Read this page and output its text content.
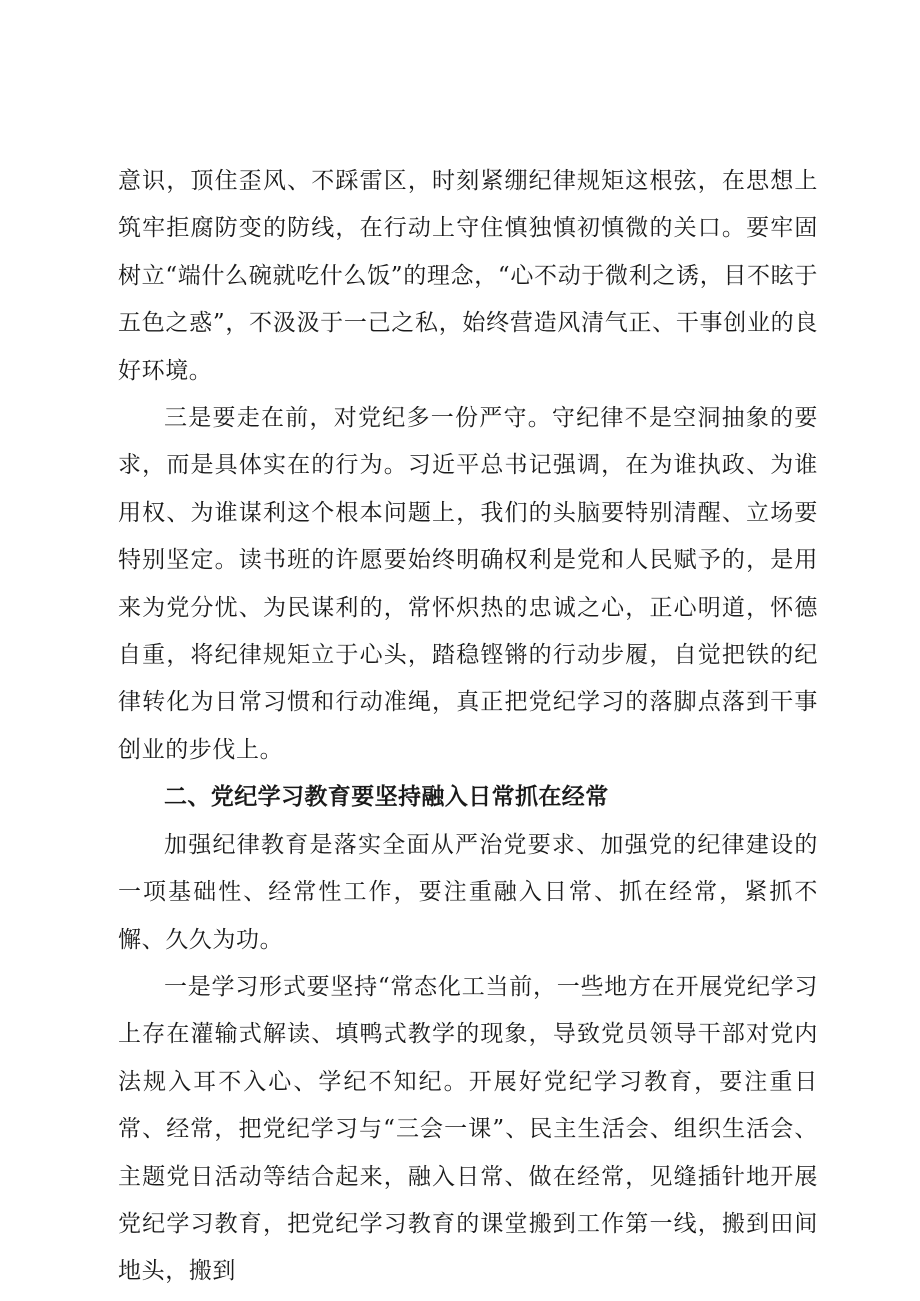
意识，顶住歪风、不踩雷区，时刻紧绷纪律规矩这根弦，在思想上筑牢拒腐防变的防线，在行动上守住慎独慎初慎微的关口。要牢固树立“端什么碗就吃什么饭”的理念，“心不动于微利之诱，目不眩于五色之惑”，不汲汲于一己之私，始终营造风清气正、干事创业的良好环境。

三是要走在前，对党纪多一份严守。守纪律不是空洞抽象的要求，而是具体实在的行为。习近平总书记强调，在为谁执政、为谁用权、为谁谋利这个根本问题上，我们的头脑要特别清醒、立场要特别坚定。读书班的许愿要始终明确权利是党和人民赋予的，是用来为党分忧、为民谋利的，常怀炽热的忠诚之心，正心明道，怀德自重，将纪律规矩立于心头，踏稳铿锵的行动步履，自觉把铁的纪律转化为日常习惯和行动准绳，真正把党纪学习的落脚点落到干事创业的步伐上。

二、党纪学习教育要坚持融入日常抓在经常

加强纪律教育是落实全面从严治党要求、加强党的纪律建设的一项基础性、经常性工作，要注重融入日常、抓在经常，紧抓不懈、久久为功。

一是学习形式要坚持“常态化工当前，一些地方在开展党纪学习上存在灌输式解读、填鸭式教学的现象，导致党员领导干部对党内法规入耳不入心、学纪不知纪。开展好党纪学习教育，要注重日常、经常，把党纪学习与“三会一课”、民主生活会、组织生活会、主题党日活动等结合起来，融入日常、做在经常，见缝插针地开展党纪学习教育，把党纪学习教育的课堂搬到工作第一线，搬到田间地头，搬到
